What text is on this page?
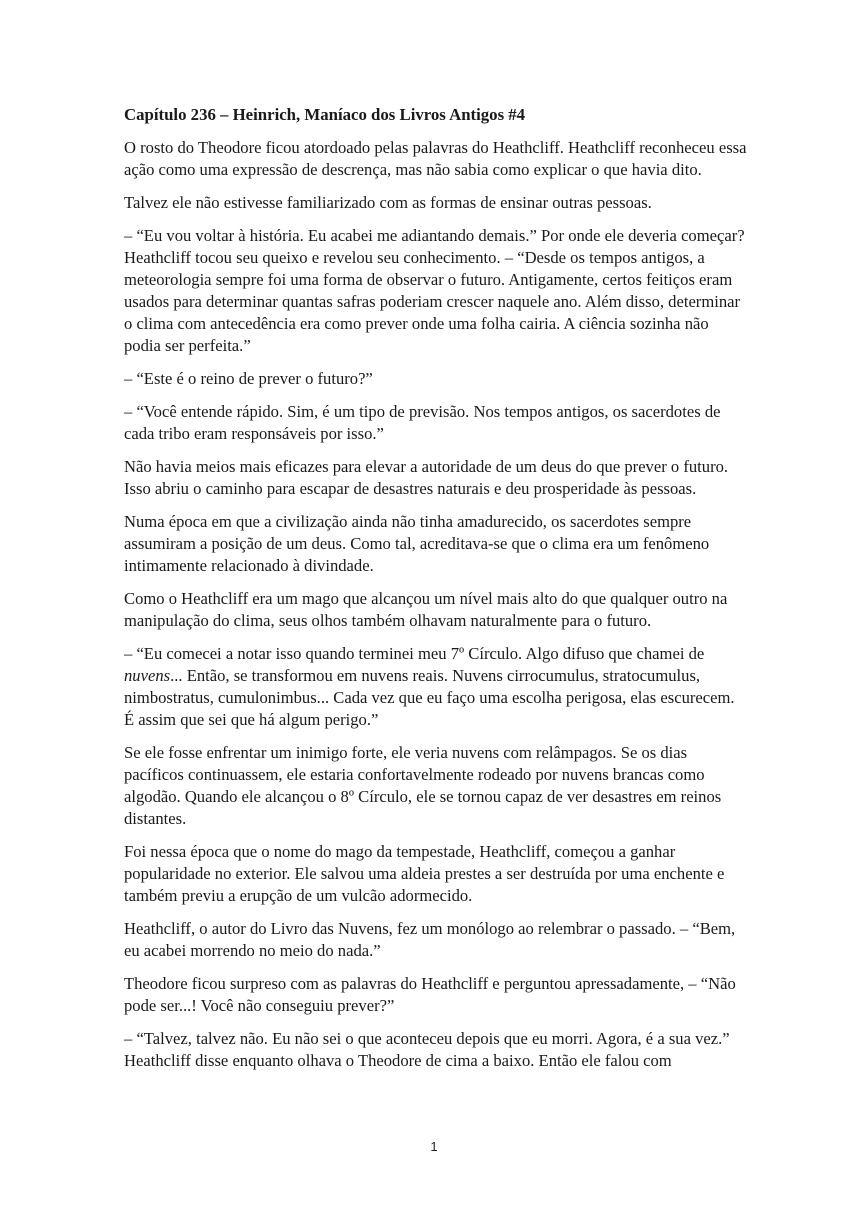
Capítulo 236 – Heinrich, Maníaco dos Livros Antigos #4

O rosto do Theodore ficou atordoado pelas palavras do Heathcliff. Heathcliff reconheceu essa ação como uma expressão de descrença, mas não sabia como explicar o que havia dito.

Talvez ele não estivesse familiarizado com as formas de ensinar outras pessoas.

– “Eu vou voltar à história. Eu acabei me adiantando demais.” Por onde ele deveria começar? Heathcliff tocou seu queixo e revelou seu conhecimento. – “Desde os tempos antigos, a meteorologia sempre foi uma forma de observar o futuro. Antigamente, certos feitiços eram usados para determinar quantas safras poderiam crescer naquele ano. Além disso, determinar o clima com antecedência era como prever onde uma folha cairia. A ciência sozinha não podia ser perfeita.”

– “Este é o reino de prever o futuro?”

– “Você entende rápido. Sim, é um tipo de previsão. Nos tempos antigos, os sacerdotes de cada tribo eram responsáveis por isso.”

Não havia meios mais eficazes para elevar a autoridade de um deus do que prever o futuro. Isso abriu o caminho para escapar de desastres naturais e deu prosperidade às pessoas.

Numa época em que a civilização ainda não tinha amadurecido, os sacerdotes sempre assumiram a posição de um deus. Como tal, acreditava-se que o clima era um fenômeno intimamente relacionado à divindade.

Como o Heathcliff era um mago que alcançou um nível mais alto do que qualquer outro na manipulação do clima, seus olhos também olhavam naturalmente para o futuro.

– “Eu comecei a notar isso quando terminei meu 7º Círculo. Algo difuso que chamei de nuvens... Então, se transformou em nuvens reais. Nuvens cirrocumulus, stratocumulus, nimbostratus, cumulonimbus... Cada vez que eu faço uma escolha perigosa, elas escurecem. É assim que sei que há algum perigo.”

Se ele fosse enfrentar um inimigo forte, ele veria nuvens com relâmpagos. Se os dias pacíficos continuassem, ele estaria confortavelmente rodeado por nuvens brancas como algodão. Quando ele alcançou o 8º Círculo, ele se tornou capaz de ver desastres em reinos distantes.

Foi nessa época que o nome do mago da tempestade, Heathcliff, começou a ganhar popularidade no exterior. Ele salvou uma aldeia prestes a ser destruída por uma enchente e também previu a erupção de um vulcão adormecido.

Heathcliff, o autor do Livro das Nuvens, fez um monólogo ao relembrar o passado. – “Bem, eu acabei morrendo no meio do nada.”

Theodore ficou surpreso com as palavras do Heathcliff e perguntou apressadamente, – “Não pode ser...! Você não conseguiu prever?”

– “Talvez, talvez não. Eu não sei o que aconteceu depois que eu morri. Agora, é a sua vez.” Heathcliff disse enquanto olhava o Theodore de cima a baixo. Então ele falou com

1
